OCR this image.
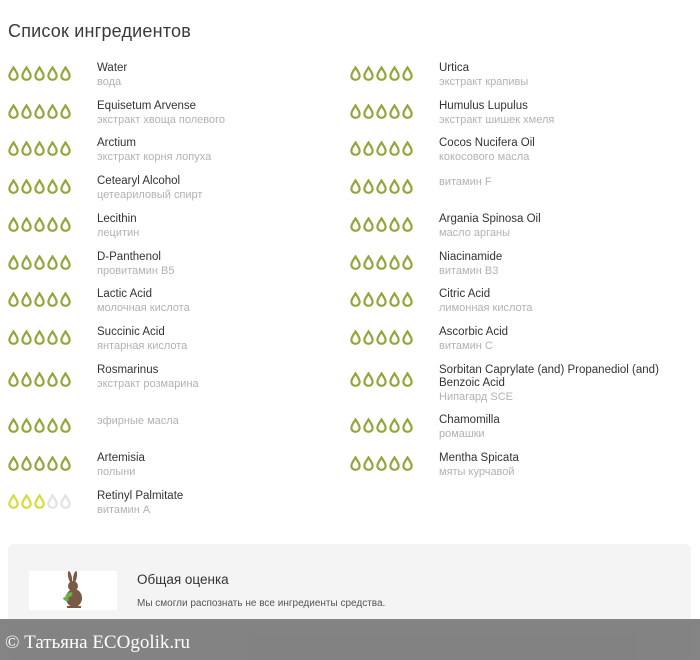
Список ингредиентов
Water
вода
Equisetum Arvense
экстракт хвоща полевого
Arctium
экстракт корня лопуха
Cetearyl Alcohol
цетеариловый спирт
Lecithin
лецитин
D-Panthenol
провитамин B5
Lactic Acid
молочная кислота
Succinic Acid
янтарная кислота
Rosmarinus
экстракт розмарина
эфирные масла
Artemisia
полыни
Retinyl Palmitate
витамин А
Urtica
экстракт крапивы
Humulus Lupulus
экстракт шишек хмеля
Cocos Nucifera Oil
кокосового масла
витамин F
Argania Spinosa Oil
масло арганы
Niacinamide
витамин B3
Citric Acid
лимонная кислота
Ascorbic Acid
витамин С
Sorbitan Caprylate (and) Propanediol (and) Benzoic Acid
Нипагард SCE
Chamomilla
ромашки
Mentha Spicata
мяты курчавой
Общая оценка
Мы смогли распознать не все ингредиенты средства.
© Татьяна ECOgolik.ru
